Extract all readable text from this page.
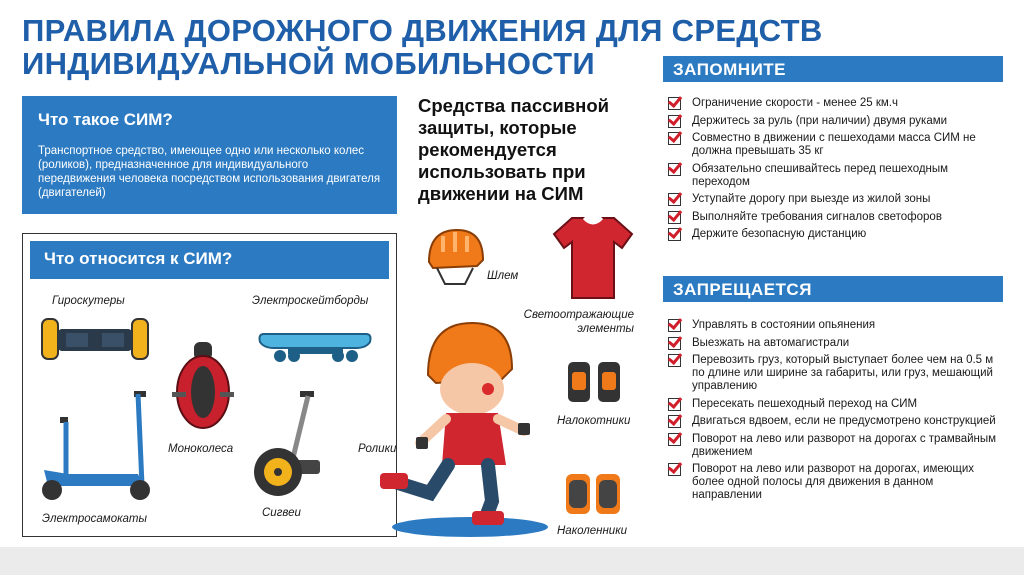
ПРАВИЛА ДОРОЖНОГО ДВИЖЕНИЯ ДЛЯ СРЕДСТВ
ИНДИВИДУАЛЬНОЙ МОБИЛЬНОСТИ
Что такое СИМ?

Транспортное средство, имеющее одно или несколько колес (роликов), предназначенное для индивидуального передвижения человека посредством использования двигателя (двигателей)

Что относится к СИМ?
Гироскутеры	Электроскейтборды
Моноколеса
Электросамокаты	Сигвеи
Ролики
Средства пассивной защиты, которые рекомендуется использовать при движении на СИМ
Шлем
Светоотражающие элементы
Налокотники
Наколенники
ЗАПОМНИТЕ
Ограничение скорости - менее 25 км.ч
Держитесь за руль (при наличии) двумя руками
Совместно в движении с пешеходами масса СИМ не должна превышать 35 кг
Обязательно спешивайтесь перед пешеходным переходом
Уступайте дорогу при выезде из жилой зоны
Выполняйте требования сигналов светофоров
Держите безопасную дистанцию
ЗАПРЕЩАЕТСЯ
Управлять в состоянии опьянения
Выезжать на автомагистрали
Перевозить груз, который выступает более чем на 0.5 м по длине или ширине за габариты, или груз, мешающий управлению
Пересекать пешеходный переход на СИМ
Двигаться вдвоем, если не предусмотрено конструкцией
Поворот на лево или разворот на дорогах с трамвайным движением
Поворот на лево или разворот на дорогах, имеющих более одной полосы для движения в данном направлении
